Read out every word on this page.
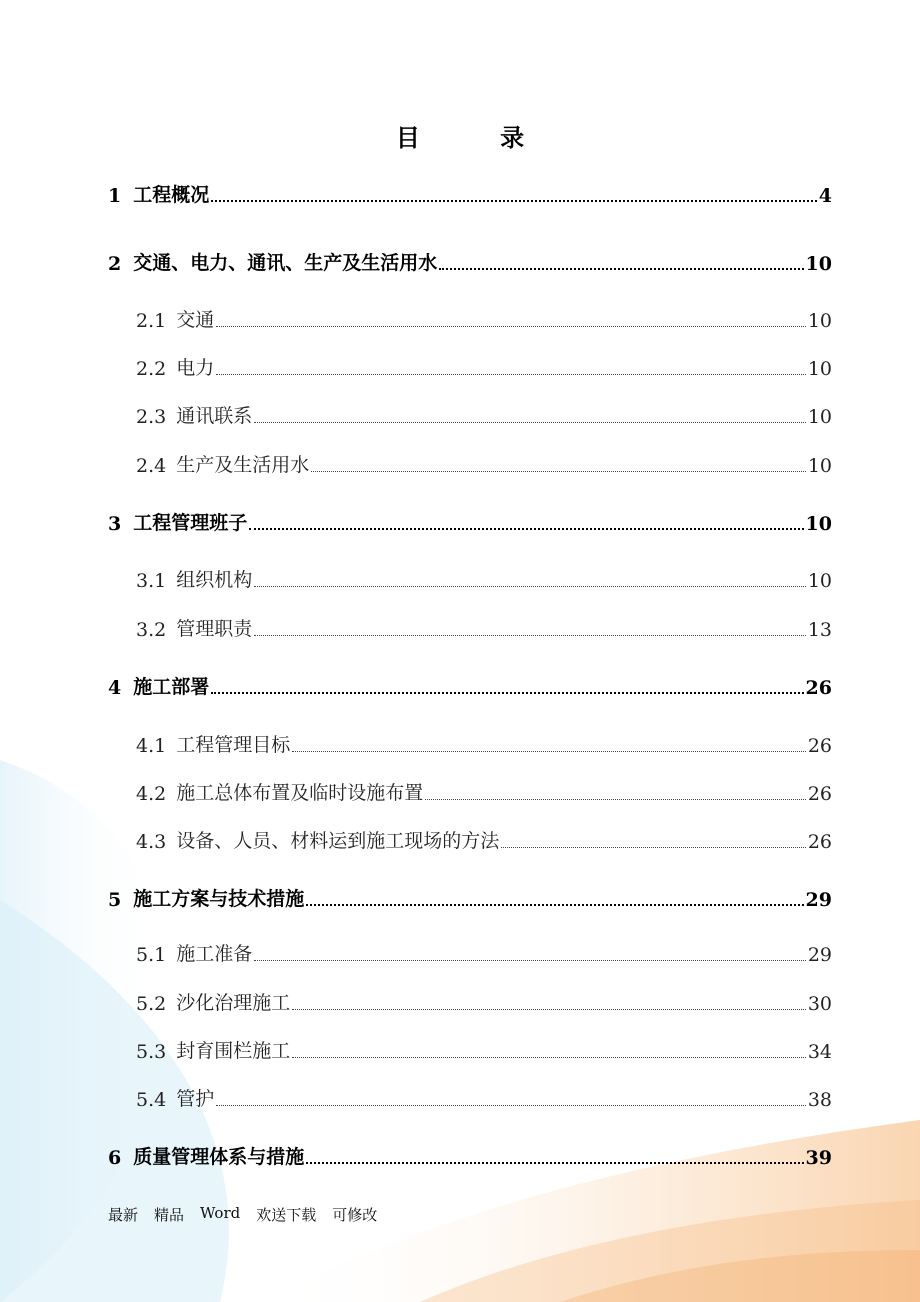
目 录
1 工程概况	4
2 交通、电力、通讯、生产及生活用水	10
2.1 交通	10
2.2 电力	10
2.3 通讯联系	10
2.4 生产及生活用水	10
3 工程管理班子	10
3.1 组织机构	10
3.2 管理职责	13
4 施工部署	26
4.1 工程管理目标	26
4.2 施工总体布置及临时设施布置	26
4.3 设备、人员、材料运到施工现场的方法	26
5 施工方案与技术措施	29
5.1 施工准备	29
5.2 沙化治理施工	30
5.3 封育围栏施工	34
5.4 管护	38
6 质量管理体系与措施	39
最新 精品 Word 欢送下载 可修改
